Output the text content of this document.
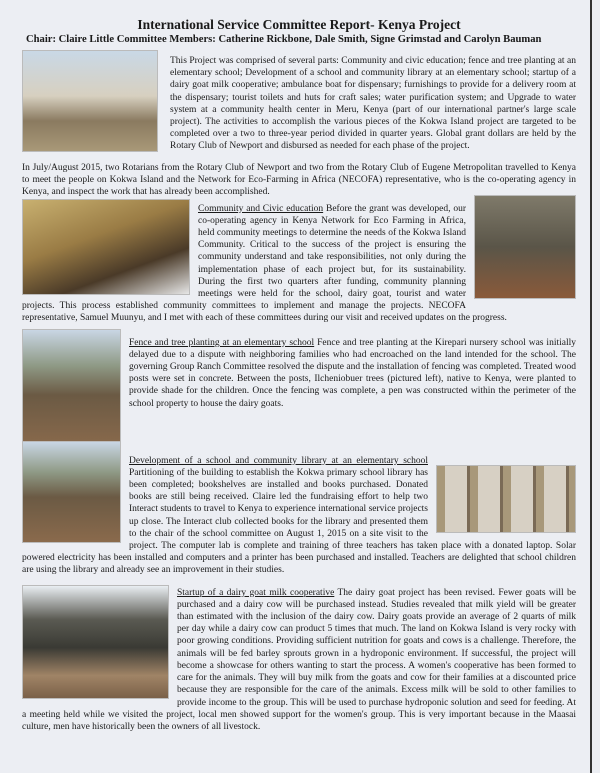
International Service Committee Report- Kenya Project
Chair: Claire Little Committee Members: Catherine Rickbone, Dale Smith, Signe Grimstad and Carolyn Bauman

This Project was comprised of several parts: Community and civic education; fence and tree planting at an elementary school; Development of a school and community library at an elementary school; startup of a dairy goat milk cooperative; ambulance boat for dispensary; furnishings to provide for a delivery room at the dispensary; tourist toilets and huts for craft sales; water purification system; and Upgrade to water system at a community health center in Meru, Kenya (part of our international partner's large scale project). The activities to accomplish the various pieces of the Kokwa Island project are targeted to be completed over a two to three-year period divided in quarter years. Global grant dollars are held by the Rotary Club of Newport and disbursed as needed for each phase of the project.

In July/August 2015, two Rotarians from the Rotary Club of Newport and two from the Rotary Club of Eugene Metropolitan travelled to Kenya to meet the people on Kokwa Island and the Network for Eco-Farming in Africa (NECOFA) representative, who is the co-operating agency in Kenya, and inspect the work that has already been accomplished.

Community and Civic education Before the grant was developed, our co-operating agency in Kenya Network for Eco Farming in Africa, held community meetings to determine the needs of the Kokwa Island Community. Critical to the success of the project is ensuring the community understand and take responsibilities, not only during the implementation phase of each project but, for its sustainability. During the first two quarters after funding, community planning meetings were held for the school, dairy goat, tourist and water projects. This process established community committees to implement and manage the projects. NECOFA representative, Samuel Muunyu, and I met with each of these committees during our visit and received updates on the progress.

Fence and tree planting at an elementary school Fence and tree planting at the Kirepari nursery school was initially delayed due to a dispute with neighboring families who had encroached on the land intended for the school. The governing Group Ranch Committee resolved the dispute and the installation of fencing was completed. Treated wood posts were set in concrete. Between the posts, Ilcheniobuer trees (pictured left), native to Kenya, were planted to provide shade for the children. Once the fencing was complete, a pen was constructed within the perimeter of the school property to house the dairy goats.

Development of a school and community library at an elementary school Partitioning of the building to establish the Kokwa primary school library has been completed; bookshelves are installed and books purchased. Donated books are still being received. Claire led the fundraising effort to help two Interact students to travel to Kenya to experience international service projects up close. The Interact club collected books for the library and presented them to the chair of the school committee on August 1, 2015 on a site visit to the project. The computer lab is complete and training of three teachers has taken place with a donated laptop. Solar powered electricity has been installed and computers and a printer has been purchased and installed. Teachers are delighted that school children are using the library and already see an improvement in their studies.

Startup of a dairy goat milk cooperative The dairy goat project has been revised. Fewer goats will be purchased and a dairy cow will be purchased instead. Studies revealed that milk yield will be greater than estimated with the inclusion of the dairy cow. Dairy goats provide an average of 2 quarts of milk per day while a dairy cow can product 5 times that much. The land on Kokwa Island is very rocky with poor growing conditions. Providing sufficient nutrition for goats and cows is a challenge. Therefore, the animals will be fed barley sprouts grown in a hydroponic environment. If successful, the project will become a showcase for others wanting to start the process. A women's cooperative has been formed to care for the animals. They will buy milk from the goats and cow for their families at a discounted price because they are responsible for the care of the animals. Excess milk will be sold to other families to provide income to the group. This will be used to purchase hydroponic solution and seed for feeding. At a meeting held while we visited the project, local men showed support for the women's group. This is very important because in the Maasai culture, men have historically been the owners of all livestock.
